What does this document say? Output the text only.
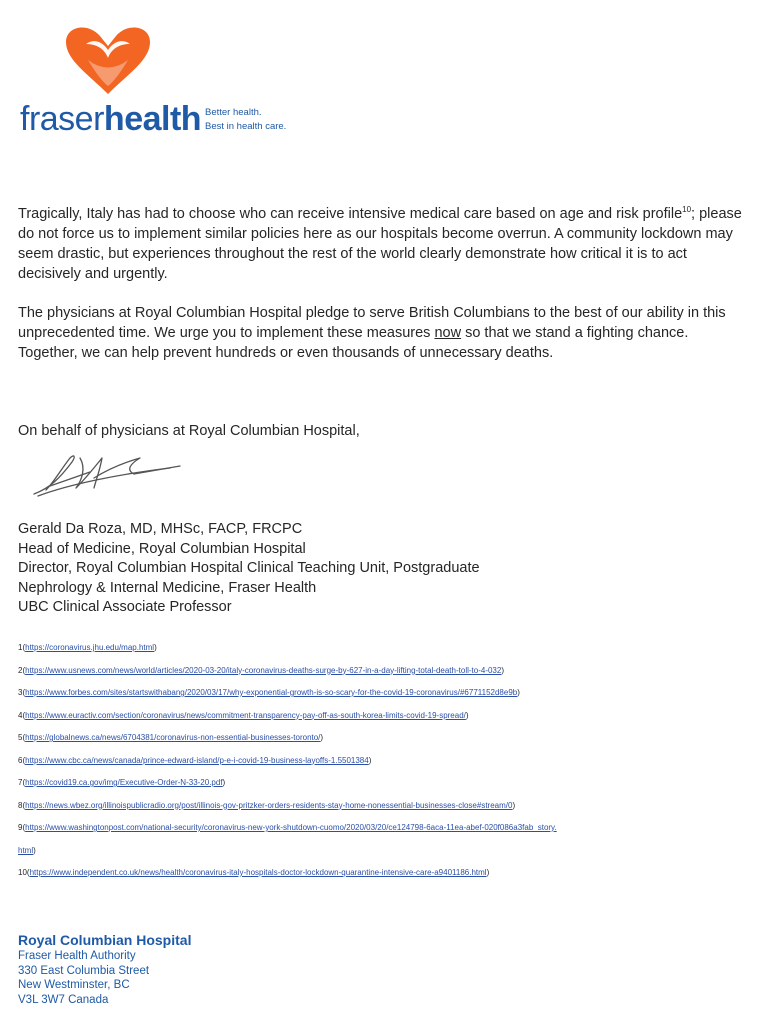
fraserhealth Better health.
Best in health care.
Tragically, Italy has had to choose who can receive intensive medical care based on age and risk profile$^{10}$; please do not force us to implement similar policies here as our hospitals become overrun. A community lockdown may seem drastic, but experiences throughout the rest of the world clearly demonstrate how critical it is to act decisively and urgently.
The physicians at Royal Columbian Hospital pledge to serve British Columbians to the best of our ability in this unprecedented time. We urge you to implement these measures now so that we stand a fighting chance. Together, we can help prevent hundreds or even thousands of unnecessary deaths.
On behalf of physicians at Royal Columbian Hospital,
Gerald Da Roza, MD, MHSc, FACP, FRCPC
Head of Medicine, Royal Columbian Hospital
Director, Royal Columbian Hospital Clinical Teaching Unit, Postgraduate
Nephrology & Internal Medicine, Fraser Health
UBC Clinical Associate Professor
1(https://coronavirus.jhu.edu/map.html)
2(https://www.usnews.com/news/world/articles/2020-03-20/italy-coronavirus-deaths-surge-by-627-in-a-day-lifting-total-death-toll-to-4-032)
3(https://www.forbes.com/sites/startswithabang/2020/03/17/why-exponential-growth-is-so-scary-for-the-covid-19-coronavirus/#6771152d8e9b)
4(https://www.euractiv.com/section/coronavirus/news/commitment-transparency-pay-off-as-south-korea-limits-covid-19-spread/)
5(https://globalnews.ca/news/6704381/coronavirus-non-essential-businesses-toronto/)
6(https://www.cbc.ca/news/canada/prince-edward-island/p-e-i-covid-19-business-layoffs-1.5501384)
7(https://covid19.ca.gov/img/Executive-Order-N-33-20.pdf)
8(https://news.wbez.org/illinoispublicradio.org/post/illinois-gov-pritzker-orders-residents-stay-home-nonessential-businesses-close#stream/0)
9(https://www.washingtonpost.com/national-security/coronavirus-new-york-shutdown-cuomo/2020/03/20/ce124798-6aca-11ea-abef-020f086a3fab_story.
html)
10(https://www.independent.co.uk/news/health/coronavirus-italy-hospitals-doctor-lockdown-quarantine-intensive-care-a9401186.html)
Royal Columbian Hospital
Fraser Health Authority
330 East Columbia Street
New Westminster, BC
V3L 3W7 Canada
